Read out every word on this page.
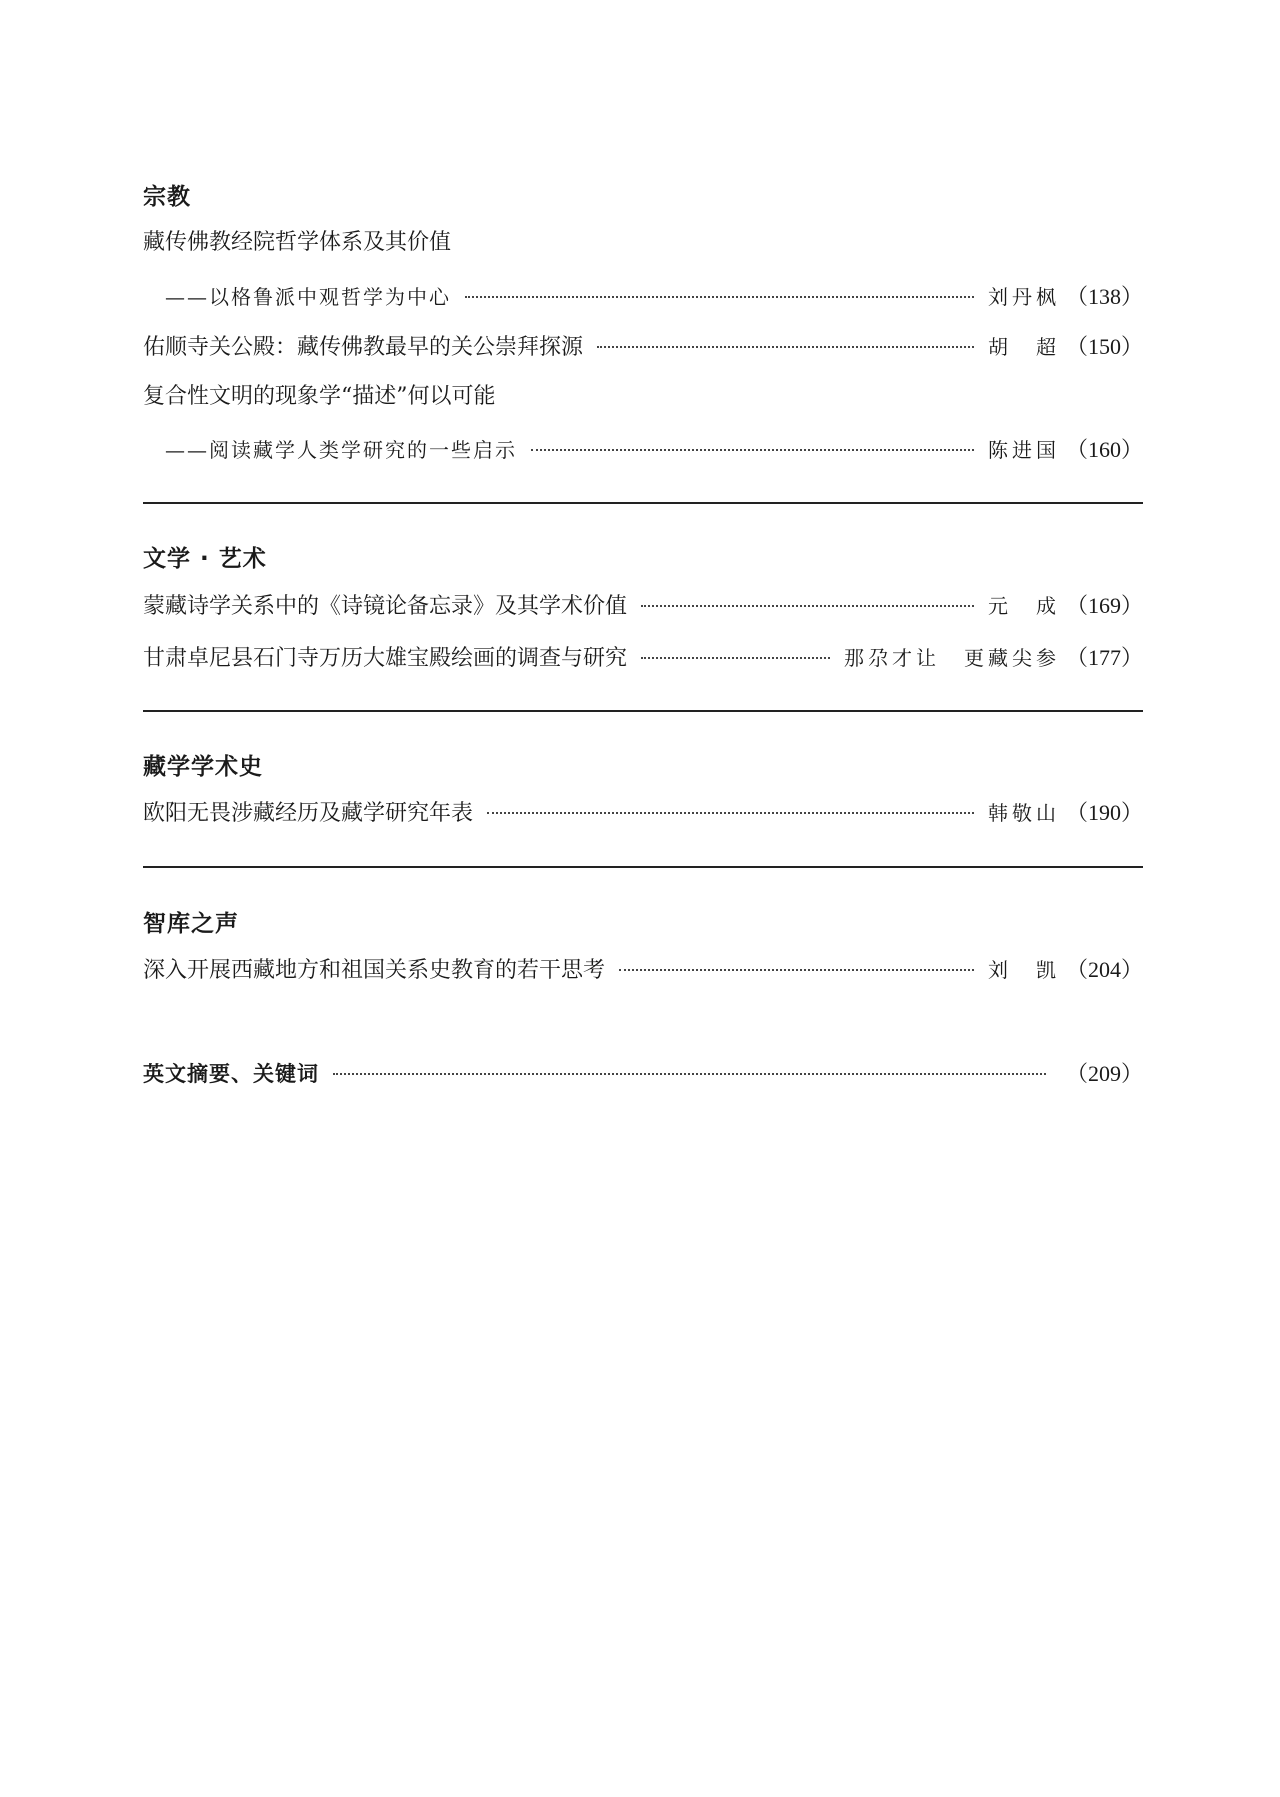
宗教
藏传佛教经院哲学体系及其价值
——以格鲁派中观哲学为中心	刘丹枫 （138）
佑顺寺关公殿：藏传佛教最早的关公崇拜探源	胡　超 （150）
复合性文明的现象学“描述”何以可能
——阅读藏学人类学研究的一些启示	陈进国 （160）
文学 · 艺术
蒙藏诗学关系中的《诗镜论备忘录》及其学术价值	元　成 （169）
甘肃卓尼县石门寺万历大雄宝殿绘画的调查与研究	那尕才让　更藏尖参 （177）
藏学学术史
欧阳无畏涉藏经历及藏学研究年表	韩敬山 （190）
智库之声
深入开展西藏地方和祖国关系史教育的若干思考	刘　凯 （204）
英文摘要、关键词	（209）
